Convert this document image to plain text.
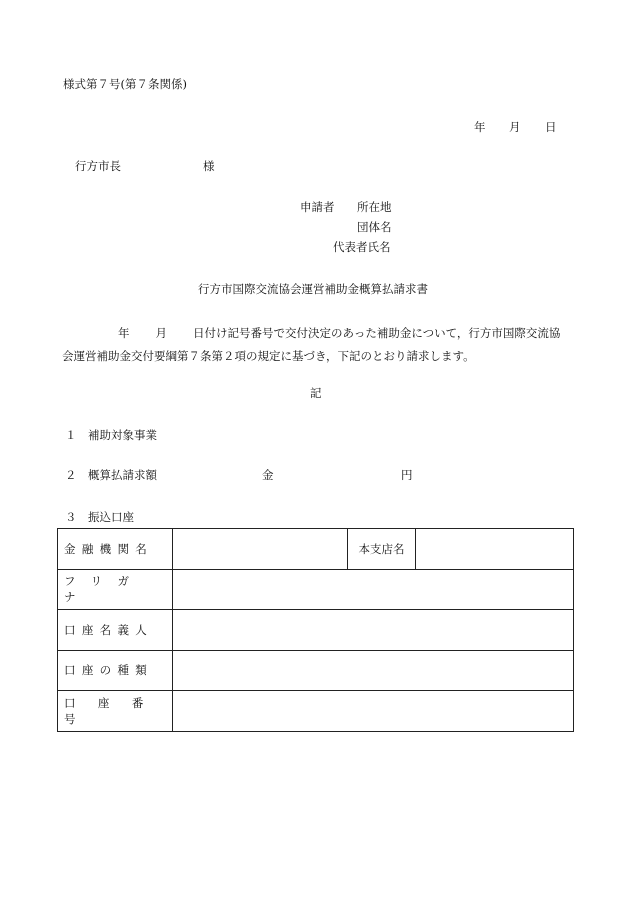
様式第７号(第７条関係)
年 月 日
行方市長	様
申請者 所在地
団体名
代表者氏名
行方市国際交流協会運営補助金概算払請求書
年 月 日付け記号番号で交付決定のあった補助金について，行方市国際交流協
会運営補助金交付要綱第７条第２項の規定に基づき，下記のとおり請求します。
記
１　補助対象事業
２　概算払請求額	金	円
３　振込口座
金融機関名		本支店名	
フリガナ			
口座名義人			
口座の種類			
口座番号			
